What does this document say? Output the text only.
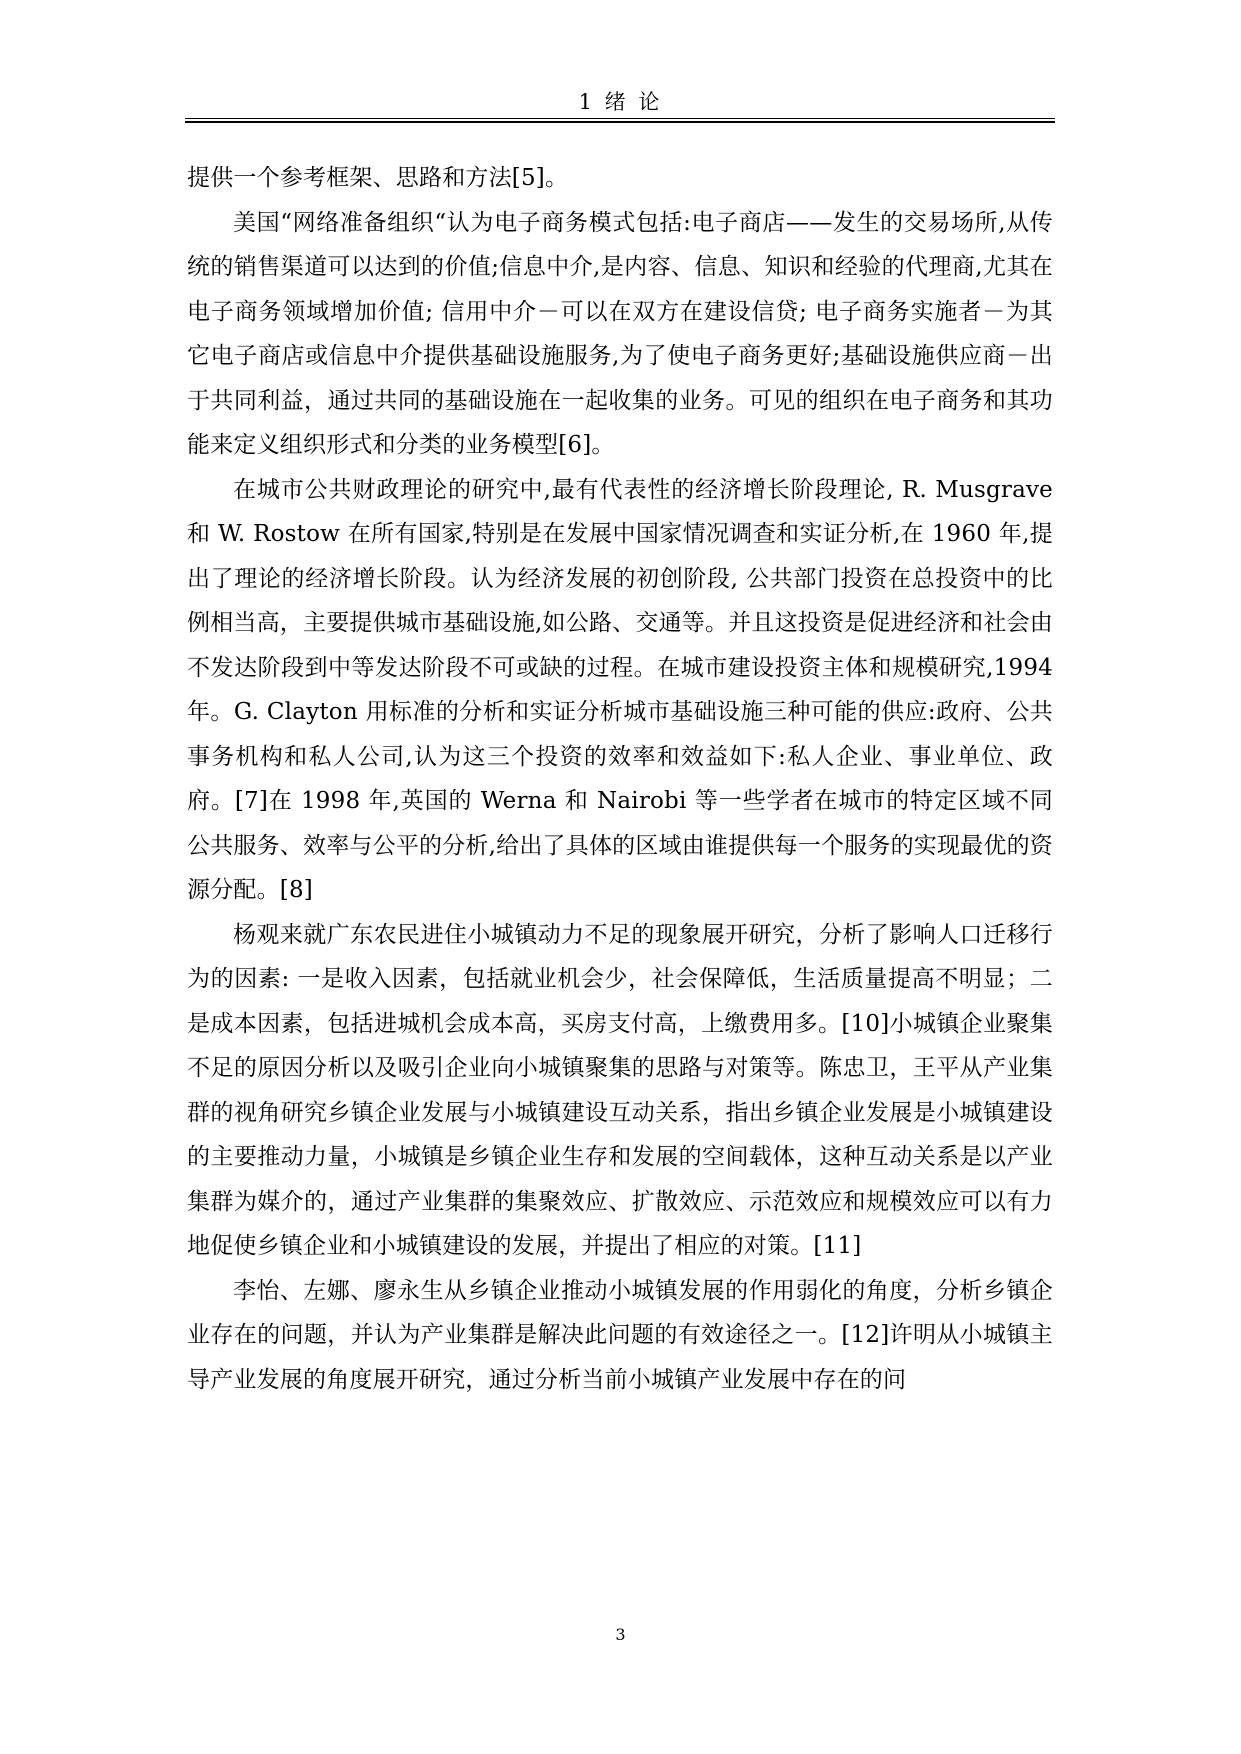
1 绪 论

提供一个参考框架、思路和方法[5]。

美国“网络准备组织“认为电子商务模式包括:电子商店——发生的交易场所,从传统的销售渠道可以达到的价值;信息中介,是内容、信息、知识和经验的代理商,尤其在电子商务领域增加价值; 信用中介－可以在双方在建设信贷; 电子商务实施者－为其它电子商店或信息中介提供基础设施服务,为了使电子商务更好;基础设施供应商－出于共同利益，通过共同的基础设施在一起收集的业务。可见的组织在电子商务和其功能来定义组织形式和分类的业务模型[6]。

在城市公共财政理论的研究中,最有代表性的经济增长阶段理论, R. Musgrave 和 W. Rostow 在所有国家,特别是在发展中国家情况调查和实证分析,在 1960 年,提出了理论的经济增长阶段。认为经济发展的初创阶段, 公共部门投资在总投资中的比例相当高，主要提供城市基础设施,如公路、交通等。并且这投资是促进经济和社会由不发达阶段到中等发达阶段不可或缺的过程。在城市建设投资主体和规模研究,1994 年。G. Clayton 用标准的分析和实证分析城市基础设施三种可能的供应:政府、公共事务机构和私人公司,认为这三个投资的效率和效益如下:私人企业、事业单位、政府。[7]在 1998 年,英国的 Werna 和 Nairobi 等一些学者在城市的特定区域不同公共服务、效率与公平的分析,给出了具体的区域由谁提供每一个服务的实现最优的资源分配。[8]

杨观来就广东农民进住小城镇动力不足的现象展开研究，分析了影响人口迁移行为的因素: 一是收入因素，包括就业机会少，社会保障低，生活质量提高不明显；二是成本因素，包括进城机会成本高，买房支付高，上缴费用多。[10]小城镇企业聚集不足的原因分析以及吸引企业向小城镇聚集的思路与对策等。陈忠卫，王平从产业集群的视角研究乡镇企业发展与小城镇建设互动关系，指出乡镇企业发展是小城镇建设的主要推动力量，小城镇是乡镇企业生存和发展的空间载体，这种互动关系是以产业集群为媒介的，通过产业集群的集聚效应、扩散效应、示范效应和规模效应可以有力地促使乡镇企业和小城镇建设的发展，并提出了相应的对策。[11]

李怡、左娜、廖永生从乡镇企业推动小城镇发展的作用弱化的角度，分析乡镇企业存在的问题，并认为产业集群是解决此问题的有效途径之一。[12]许明从小城镇主导产业发展的角度展开研究，通过分析当前小城镇产业发展中存在的问

3
